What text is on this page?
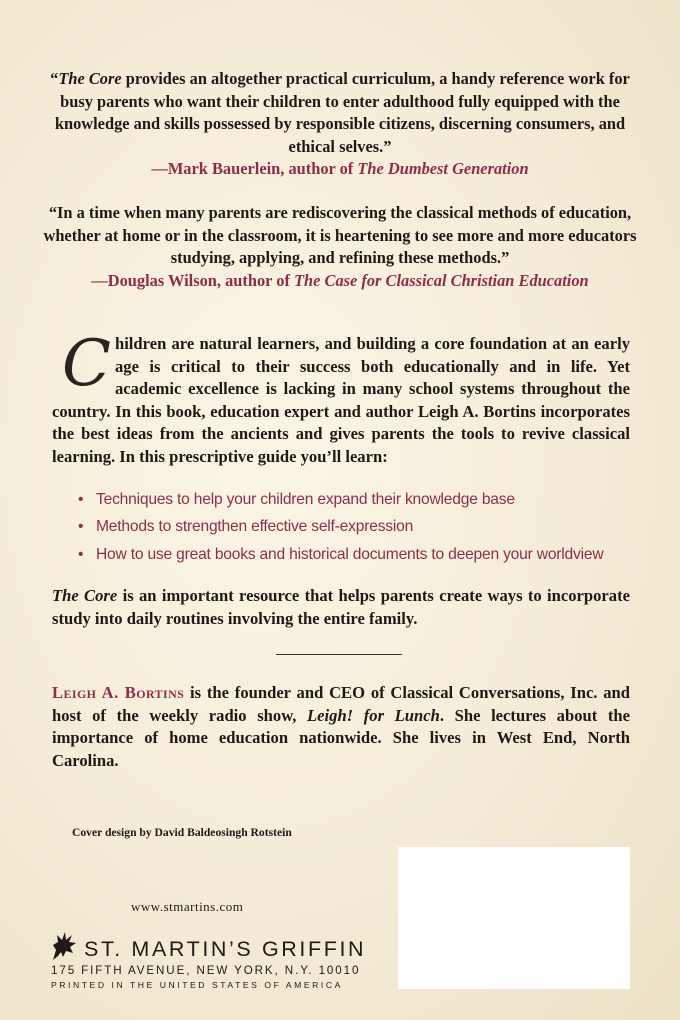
“The Core provides an altogether practical curriculum, a handy reference work for busy parents who want their children to enter adulthood fully equipped with the knowledge and skills possessed by responsible citizens, discerning consumers, and ethical selves.”
—Mark Bauerlein, author of The Dumbest Generation
“In a time when many parents are rediscovering the classical methods of education, whether at home or in the classroom, it is heartening to see more and more educators studying, applying, and refining these methods.”
—Douglas Wilson, author of The Case for Classical Christian Education
Children are natural learners, and building a core foundation at an early age is critical to their success both educationally and in life. Yet academic excellence is lacking in many school systems throughout the country. In this book, education expert and author Leigh A. Bortins incorporates the best ideas from the ancients and gives parents the tools to revive classical learning. In this prescriptive guide you’ll learn:
• Techniques to help your children expand their knowledge base
• Methods to strengthen effective self-expression
• How to use great books and historical documents to deepen your worldview
The Core is an important resource that helps parents create ways to incorporate study into daily routines involving the entire family.
Leigh A. Bortins is the founder and CEO of Classical Conversations, Inc. and host of the weekly radio show, Leigh! for Lunch. She lectures about the importance of home education nationwide. She lives in West End, North Carolina.
Cover design by David Baldeosingh Rotstein
www.stmartins.com
ST. MARTIN’S GRIFFIN
175 FIFTH AVENUE, NEW YORK, N.Y. 10010
PRINTED IN THE UNITED STATES OF AMERICA
